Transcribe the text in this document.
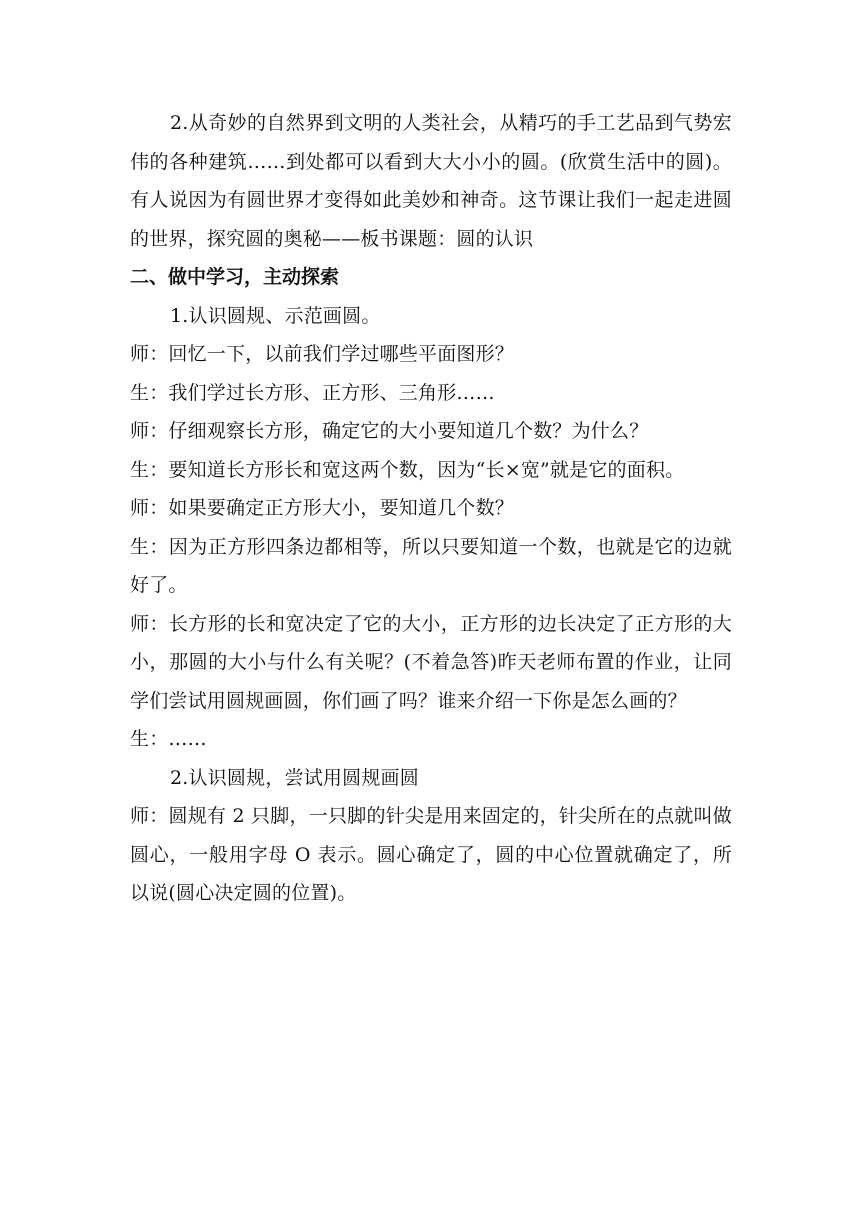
2.从奇妙的自然界到文明的人类社会，从精巧的手工艺品到气势宏伟的各种建筑……到处都可以看到大大小小的圆。(欣赏生活中的圆)。有人说因为有圆世界才变得如此美妙和神奇。这节课让我们一起走进圆的世界，探究圆的奥秘——板书课题：圆的认识

二、做中学习，主动探索

1.认识圆规、示范画圆。

师：回忆一下，以前我们学过哪些平面图形？

生：我们学过长方形、正方形、三角形……

师：仔细观察长方形，确定它的大小要知道几个数？为什么？

生：要知道长方形长和宽这两个数，因为“长×宽”就是它的面积。

师：如果要确定正方形大小，要知道几个数？

生：因为正方形四条边都相等，所以只要知道一个数，也就是它的边就好了。

师：长方形的长和宽决定了它的大小，正方形的边长决定了正方形的大小，那圆的大小与什么有关呢？(不着急答)昨天老师布置的作业，让同学们尝试用圆规画圆，你们画了吗？谁来介绍一下你是怎么画的？

生：……

2.认识圆规，尝试用圆规画圆

师：圆规有 2 只脚，一只脚的针尖是用来固定的，针尖所在的点就叫做圆心，一般用字母 O 表示。圆心确定了，圆的中心位置就确定了，所以说(圆心决定圆的位置)。
